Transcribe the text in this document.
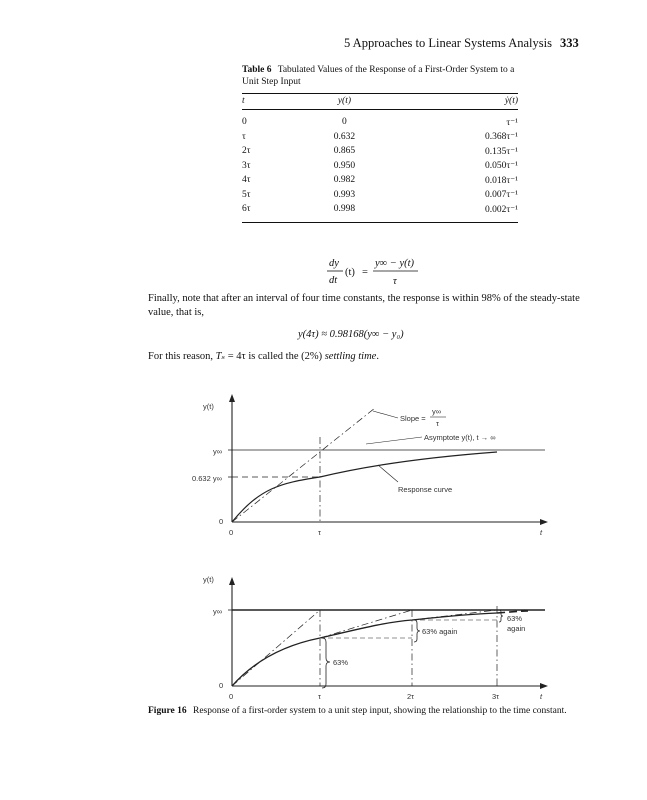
5 Approaches to Linear Systems Analysis 333
Table 6 Tabulated Values of the Response of a First-Order System to a Unit Step Input
t	y(t)	ẏ(t)
0	0	τ⁻¹
τ	0.632	0.368τ⁻¹
2τ	0.865	0.135τ⁻¹
3τ	0.950	0.050τ⁻¹
4τ	0.982	0.018τ⁻¹
5τ	0.993	0.007τ⁻¹
6τ	0.998	0.002τ⁻¹
dy
dt
(t) =
y∞ − y(t)
τ
y(4τ) ≈ 0.98168(y∞ − y₀)
y(t)
y∞
0.632 y∞
0
0	τ	t
Slope =
y∞
τ
Asymptote y(t), t → ∞
Response curve
y(t)
y∞
0
0	τ	2τ	3τ	t
63%
63% again
63%
again
Finally, note that after an interval of four time constants, the response is within 98% of the steady-state value, that is,
For this reason, Tₛ = 4τ is called the (2%) settling time.
Figure 16 Response of a first-order system to a unit step input, showing the relationship to the time constant.
